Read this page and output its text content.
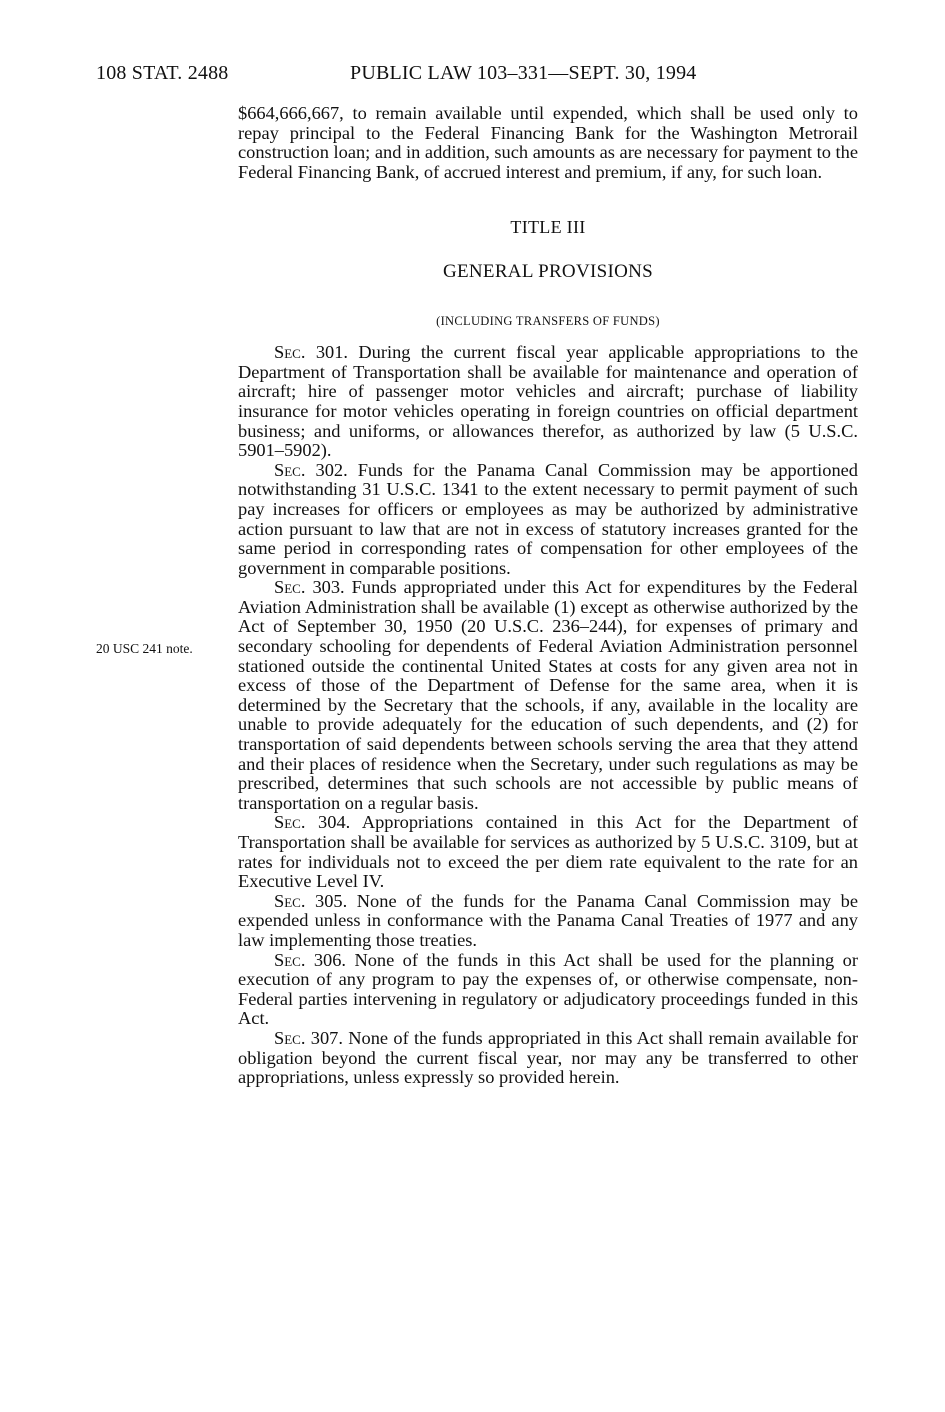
108 STAT. 2488	PUBLIC LAW 103–331—SEPT. 30, 1994
20 USC 241 note.

$664,666,667, to remain available until expended, which shall be used only to repay principal to the Federal Financing Bank for the Washington Metrorail construction loan; and in addition, such amounts as are necessary for payment to the Federal Financing Bank, of accrued interest and premium, if any, for such loan.

TITLE III
GENERAL PROVISIONS
(INCLUDING TRANSFERS OF FUNDS)

Sec. 301. During the current fiscal year applicable appropriations to the Department of Transportation shall be available for maintenance and operation of aircraft; hire of passenger motor vehicles and aircraft; purchase of liability insurance for motor vehicles operating in foreign countries on official department business; and uniforms, or allowances therefor, as authorized by law (5 U.S.C. 5901–5902).

Sec. 302. Funds for the Panama Canal Commission may be apportioned notwithstanding 31 U.S.C. 1341 to the extent necessary to permit payment of such pay increases for officers or employees as may be authorized by administrative action pursuant to law that are not in excess of statutory increases granted for the same period in corresponding rates of compensation for other employees of the government in comparable positions.

Sec. 303. Funds appropriated under this Act for expenditures by the Federal Aviation Administration shall be available (1) except as otherwise authorized by the Act of September 30, 1950 (20 U.S.C. 236–244), for expenses of primary and secondary schooling for dependents of Federal Aviation Administration personnel stationed outside the continental United States at costs for any given area not in excess of those of the Department of Defense for the same area, when it is determined by the Secretary that the schools, if any, available in the locality are unable to provide adequately for the education of such dependents, and (2) for transportation of said dependents between schools serving the area that they attend and their places of residence when the Secretary, under such regulations as may be prescribed, determines that such schools are not accessible by public means of transportation on a regular basis.

Sec. 304. Appropriations contained in this Act for the Department of Transportation shall be available for services as authorized by 5 U.S.C. 3109, but at rates for individuals not to exceed the per diem rate equivalent to the rate for an Executive Level IV.

Sec. 305. None of the funds for the Panama Canal Commission may be expended unless in conformance with the Panama Canal Treaties of 1977 and any law implementing those treaties.

Sec. 306. None of the funds in this Act shall be used for the planning or execution of any program to pay the expenses of, or otherwise compensate, non-Federal parties intervening in regulatory or adjudicatory proceedings funded in this Act.

Sec. 307. None of the funds appropriated in this Act shall remain available for obligation beyond the current fiscal year, nor may any be transferred to other appropriations, unless expressly so provided herein.
